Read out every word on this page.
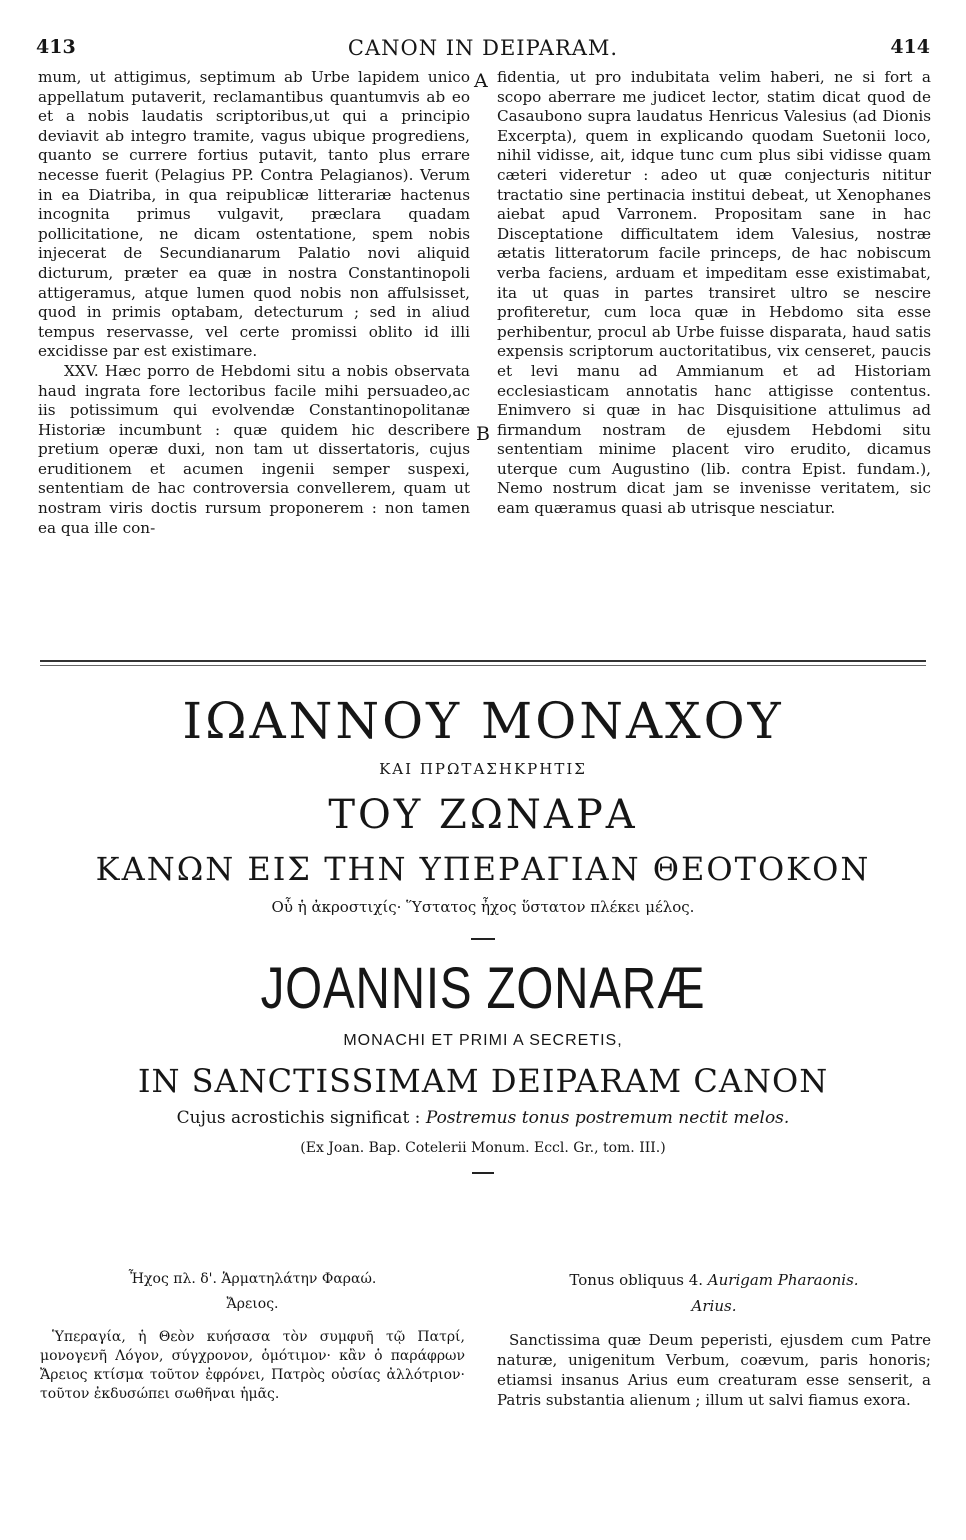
413	CANON IN DEIPARAM.	414
A
B

mum, ut attigimus, septimum ab Urbe lapidem unico appellatum putaverit, reclamantibus quantumvis ab eo et a nobis laudatis scriptoribus,ut qui a principio deviavit ab integro tramite, vagus ubique progrediens, quanto se currere fortius putavit, tanto plus errare necesse fuerit (Pelagius PP. Contra Pelagianos). Verum in ea Diatriba, in qua reipublicæ litterariæ hactenus incognita primus vulgavit, præclara quadam pollicitatione, ne dicam ostentatione, spem nobis injecerat de Secundianarum Palatio novi aliquid dicturum, præter ea quæ in nostra Constantinopoli attigeramus, atque lumen quod nobis non affulsisset, quod in primis optabam, detecturum ; sed in aliud tempus reservasse, vel certe promissi oblito id illi excidisse par est existimare.

XXV. Hæc porro de Hebdomi situ a nobis observata haud ingrata fore lectoribus facile mihi persuadeo,ac iis potissimum qui evolvendæ Constantinopolitanæ Historiæ incumbunt : quæ quidem hic describere pretium operæ duxi, non tam ut dissertatoris, cujus eruditionem et acumen ingenii semper suspexi, sententiam de hac controversia convellerem, quam ut nostram viris doctis rursum proponerem : non tamen ea qua ille con-

fidentia, ut pro indubitata velim haberi, ne si fort a scopo aberrare me judicet lector, statim dicat quod de Casaubono supra laudatus Henricus Valesius (ad Dionis Excerpta), quem in explicando quodam Suetonii loco, nihil vidisse, ait, idque tunc cum plus sibi vidisse quam cæteri videretur : adeo ut quæ conjecturis nititur tractatio sine pertinacia institui debeat, ut Xenophanes aiebat apud Varronem. Propositam sane in hac Disceptatione difficultatem idem Valesius, nostræ ætatis litteratorum facile princeps, de hac nobiscum verba faciens, arduam et impeditam esse existimabat, ita ut quas in partes transiret ultro se nescire profiteretur, cum loca quæ in Hebdomo sita esse perhibentur, procul ab Urbe fuisse disparata, haud satis expensis scriptorum auctoritatibus, vix censeret, paucis et levi manu ad Ammianum et ad Historiam ecclesiasticam annotatis hanc attigisse contentus. Enimvero si quæ in hac Disquisitione attulimus ad firmandum nostram de ejusdem Hebdomi situ sententiam minime placent viro erudito, dicamus uterque cum Augustino (lib. contra Epist. fundam.), Nemo nostrum dicat jam se invenisse veritatem, sic eam quæramus quasi ab utrisque nesciatur.

ΙΩΑΝΝΟΥ ΜΟΝΑΧΟΥ
ΚΑΙ ΠΡΩΤΑΣΗΚΡΗΤΙΣ
ΤΟΥ ΖΩΝΑΡΑ
ΚΑΝΩΝ ΕΙΣ ΤΗΝ ΥΠΕΡΑΓΙΑΝ ΘΕΟΤΟΚΟΝ
Οὗ ἡ ἀκροστιχίς· Ὕστατος ἦχος ὕστατον πλέκει μέλος.
JOANNIS ZONARÆ
MONACHI ET PRIMI A SECRETIS,
IN SANCTISSIMAM DEIPARAM CANON
Cujus acrostichis significat : Postremus tonus postremum nectit melos.
(Ex Joan. Bap. Cotelerii Monum. Eccl. Gr., tom. III.)
Ἦχος πλ. δ'. Ἁρματηλάτην Φαραώ.
Ἄρειος.
Ὑπεραγία, ἡ Θεὸν κυήσασα τὸν συμφυῆ τῷ Πατρί, μονογενῆ Λόγον, σύγχρονον, ὁμότιμον· κἂν ὁ παράφρων Ἄρειος κτίσμα τοῦτον ἐφρόνει, Πατρὸς οὐσίας ἀλλότριον· τοῦτον ἐκδυσώπει σωθῆναι ἡμᾶς.
Tonus obliquus 4. Aurigam Pharaonis.
Arius.
Sanctissima quæ Deum peperisti, ejusdem cum Patre naturæ, unigenitum Verbum, coævum, paris honoris; etiamsi insanus Arius eum creaturam esse senserit, a Patris substantia alienum ; illum ut salvi fiamus exora.
